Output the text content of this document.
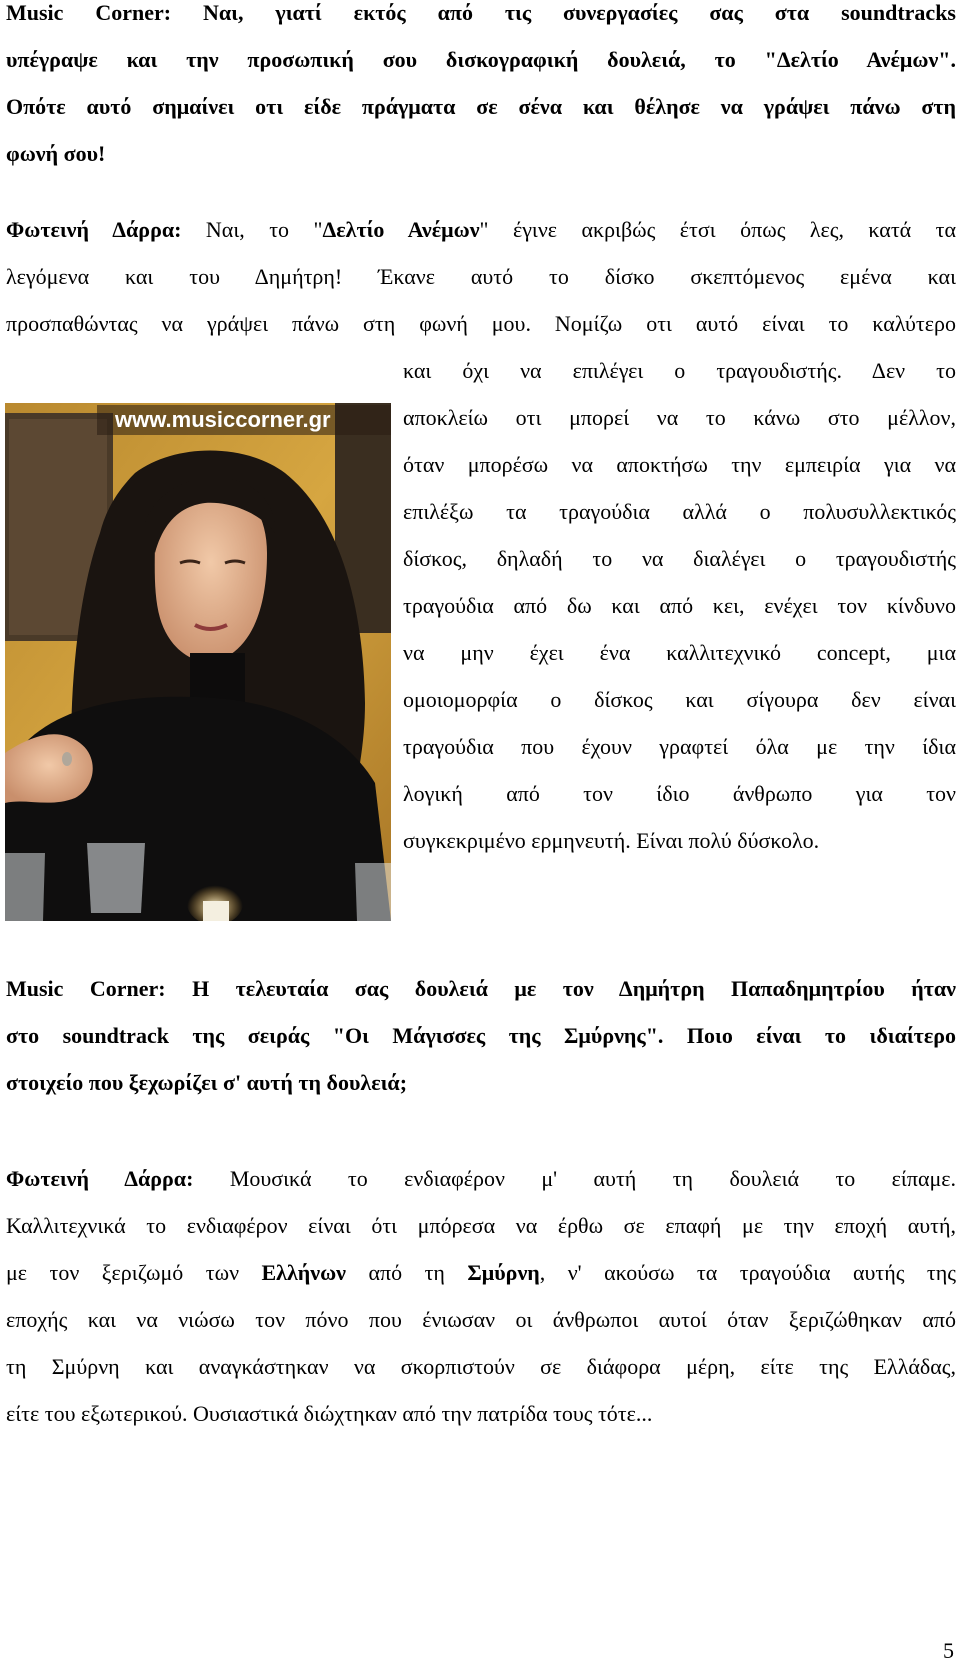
Music Corner: Ναι, γιατί εκτός από τις συνεργασίες σας στα soundtracks
υπέγραψε και την προσωπική σου δισκογραφική δουλειά, το "Δελτίο Ανέμων".
Οπότε αυτό σημαίνει οτι είδε πράγματα σε σένα και θέλησε να γράψει πάνω στη
φωνή σου!
Φωτεινή Δάρρα: Ναι, το "Δελτίο Ανέμων" έγινε ακριβώς έτσι όπως λες, κατά τα
λεγόμενα και του Δημήτρη! Έκανε αυτό το δίσκο σκεπτόμενος εμένα και
προσπαθώντας να γράψει πάνω στη φωνή μου. Νομίζω οτι αυτό είναι το καλύτερο
και όχι να επιλέγει ο τραγουδιστής. Δεν το
αποκλείω οτι μπορεί να το κάνω στο μέλλον,
όταν μπορέσω να αποκτήσω την εμπειρία για να
επιλέξω τα τραγούδια αλλά ο πολυσυλλεκτικός
δίσκος, δηλαδή το να διαλέγει ο τραγουδιστής
τραγούδια από δω και από κει, ενέχει τον κίνδυνο
να μην έχει ένα καλλιτεχνικό concept, μια
ομοιομορφία ο δίσκος και σίγουρα δεν είναι
τραγούδια που έχουν γραφτεί όλα με την ίδια
λογική από τον ίδιο άνθρωπο για τον
συγκεκριμένο ερμηνευτή. Είναι πολύ δύσκολο.
www.musiccorner.gr
Music Corner: Η τελευταία σας δουλειά με τον Δημήτρη Παπαδημητρίου ήταν
στο soundtrack της σειράς "Οι Μάγισσες της Σμύρνης". Ποιο είναι το ιδιαίτερο
στοιχείο που ξεχωρίζει σ' αυτή τη δουλειά;
Φωτεινή Δάρρα: Μουσικά το ενδιαφέρον μ' αυτή τη δουλειά το είπαμε.
Καλλιτεχνικά το ενδιαφέρον είναι ότι μπόρεσα να έρθω σε επαφή με την εποχή αυτή,
με τον ξεριζωμό των Ελλήνων από τη Σμύρνη, ν' ακούσω τα τραγούδια αυτής της
εποχής και να νιώσω τον πόνο που ένιωσαν οι άνθρωποι αυτοί όταν ξεριζώθηκαν από
τη Σμύρνη και αναγκάστηκαν να σκορπιστούν σε διάφορα μέρη, είτε της Ελλάδας,
είτε του εξωτερικού. Ουσιαστικά διώχτηκαν από την πατρίδα τους τότε...
5
